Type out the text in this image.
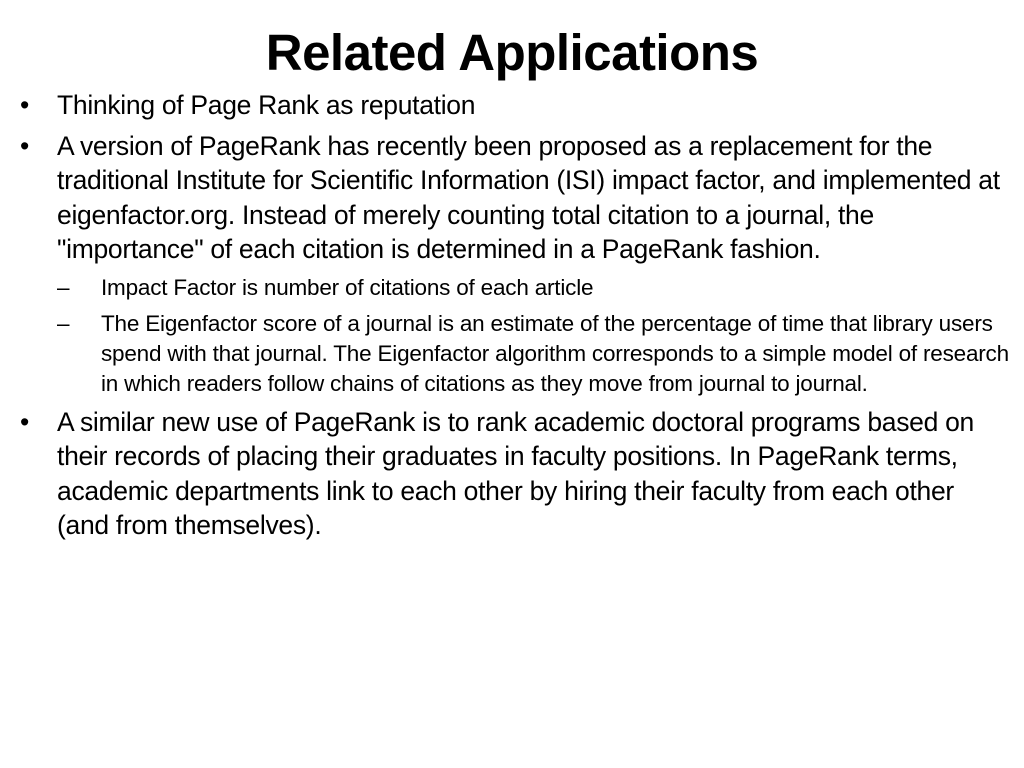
Related Applications
•	Thinking of Page Rank as reputation
•	A version of PageRank has recently been proposed as a replacement for the traditional Institute for Scientific Information (ISI) impact factor, and implemented at eigenfactor.org. Instead of merely counting total citation to a journal, the "importance" of each citation is determined in a PageRank fashion.
–	Impact Factor is number of citations of each article
–	The Eigenfactor score of a journal is an estimate of the percentage of time that library users spend with that journal. The Eigenfactor algorithm corresponds to a simple model of research in which readers follow chains of citations as they move from journal to journal.
•	A similar new use of PageRank is to rank academic doctoral programs based on their records of placing their graduates in faculty positions. In PageRank terms, academic departments link to each other by hiring their faculty from each other (and from themselves).
